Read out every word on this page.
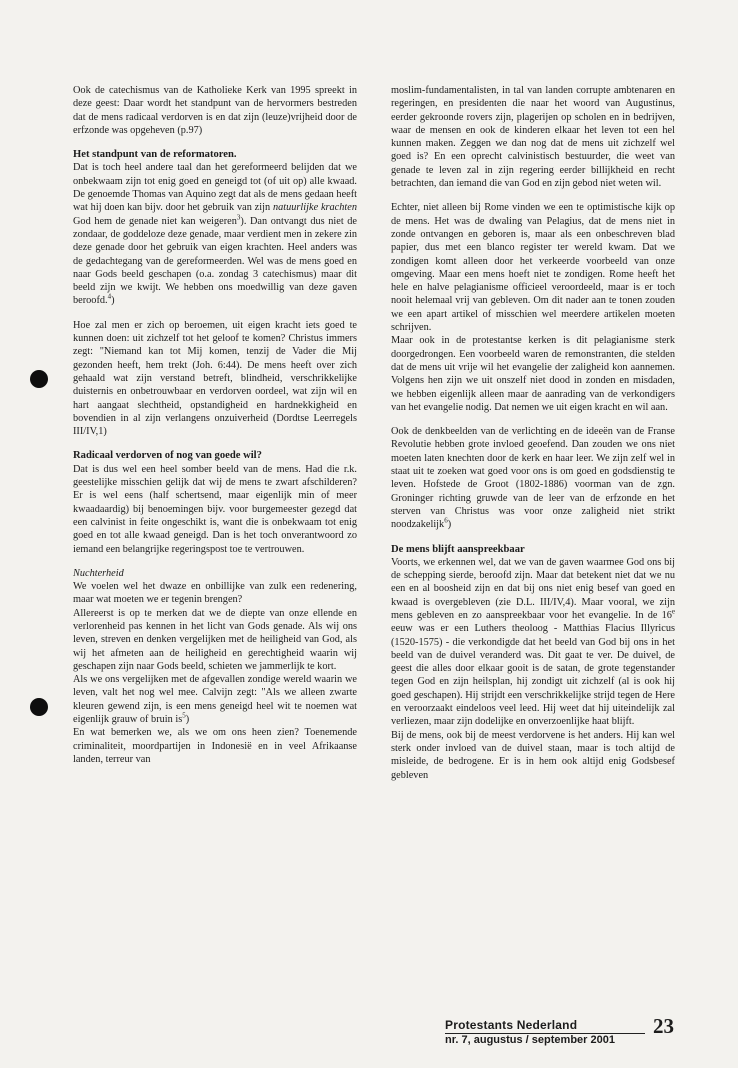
Ook de catechismus van de Katholieke Kerk van 1995 spreekt in deze geest: Daar wordt het standpunt van de hervormers bestreden dat de mens radicaal verdorven is en dat zijn (leuze)vrijheid door de erfzonde was opgeheven (p.97)

Het standpunt van de reformatoren.

Dat is toch heel andere taal dan het gereformeerd belijden dat we onbekwaam zijn tot enig goed en geneigd tot (of uit op) alle kwaad. De genoemde Thomas van Aquino zegt dat als de mens gedaan heeft wat hij doen kan bijv. door het gebruik van zijn natuurlijke krachten God hem de genade niet kan weigeren$^3$). Dan ontvangt dus niet de zondaar, de goddeloze deze genade, maar verdient men in zekere zin deze genade door het gebruik van eigen krachten. Heel anders was de gedachtegang van de gereformeerden. Wel was de mens goed en naar Gods beeld geschapen (o.a. zondag 3 catechismus) maar dit beeld zijn we kwijt. We hebben ons moedwillig van deze gaven beroofd.$^4$)

Hoe zal men er zich op beroemen, uit eigen kracht iets goed te kunnen doen: uit zichzelf tot het geloof te komen? Christus immers zegt: "Niemand kan tot Mij komen, tenzij de Vader die Mij gezonden heeft, hem trekt (Joh. 6:44). De mens heeft over zich gehaald wat zijn verstand betreft, blindheid, verschrikkelijke duisternis en onbetrouwbaar en verdorven oordeel, wat zijn wil en hart aangaat slechtheid, opstandigheid en hardnekkigheid en bovendien in al zijn verlangens onzuiverheid (Dordtse Leerregels III/IV,1)

Radicaal verdorven of nog van goede wil?

Dat is dus wel een heel somber beeld van de mens. Had die r.k. geestelijke misschien gelijk dat wij de mens te zwart afschilderen? Er is wel eens (half schertsend, maar eigenlijk min of meer kwaadaardig) bij benoemingen bijv. voor burgemeester gezegd dat een calvinist in feite ongeschikt is, want die is onbekwaam tot enig goed en tot alle kwaad geneigd. Dan is het toch onverantwoord zo iemand een belangrijke regeringspost toe te vertrouwen.

Nuchterheid

We voelen wel het dwaze en onbillijke van zulk een redenering, maar wat moeten we er tegenin brengen?

Allereerst is op te merken dat we de diepte van onze ellende en verlorenheid pas kennen in het licht van Gods genade. Als wij ons leven, streven en denken vergelijken met de heiligheid van God, als wij het afmeten aan de heiligheid en gerechtigheid waarin wij geschapen zijn naar Gods beeld, schieten we jammerlijk te kort.

Als we ons vergelijken met de afgevallen zondige wereld waarin we leven, valt het nog wel mee. Calvijn zegt: "Als we alleen zwarte kleuren gewend zijn, is een mens geneigd heel wit te noemen wat eigenlijk grauw of bruin $is^5$)

En wat bemerken we, als we om ons heen zien? Toenemende criminaliteit, moordpartijen in Indonesië en in veel Afrikaanse landen, terreur van

moslim-fundamentalisten, in tal van landen corrupte ambtenaren en regeringen, en presidenten die naar het woord van Augustinus, eerder gekroonde rovers zijn, plagerijen op scholen en in bedrijven, waar de mensen en ook de kinderen elkaar het leven tot een hel kunnen maken. Zeggen we dan nog dat de mens uit zichzelf wel goed is? En een oprecht calvinistisch bestuurder, die weet van genade te leven zal in zijn regering eerder billijkheid en recht betrachten, dan iemand die van God en zijn gebod niet weten wil.

Echter, niet alleen bij Rome vinden we een te optimistische kijk op de mens. Het was de dwaling van Pelagius, dat de mens niet in zonde ontvangen en geboren is, maar als een onbeschreven blad papier, dus met een blanco register ter wereld kwam. Dat we zondigen komt alleen door het verkeerde voorbeeld van onze omgeving. Maar een mens hoeft niet te zondigen. Rome heeft het hele en halve pelagianisme officieel veroordeeld, maar is er toch nooit helemaal vrij van gebleven. Om dit nader aan te tonen zouden we een apart artikel of misschien wel meerdere artikelen moeten schrijven.

Maar ook in de protestantse kerken is dit pelagianisme sterk doorgedrongen. Een voorbeeld waren de remonstranten, die stelden dat de mens uit vrije wil het evangelie der zaligheid kon aannemen. Volgens hen zijn we uit onszelf niet dood in zonden en misdaden, we hebben eigenlijk alleen maar de aanrading van de verkondigers van het evangelie nodig. Dat nemen we uit eigen kracht en wil aan.

Ook de denkbeelden van de verlichting en de ideeën van de Franse Revolutie hebben grote invloed geoefend. Dan zouden we ons niet moeten laten knechten door de kerk en haar leer. We zijn zelf wel in staat uit te zoeken wat goed voor ons is om goed en godsdienstig te leven. Hofstede de Groot (1802-1886) voorman van de zgn. Groninger richting gruwde van de leer van de erfzonde en het sterven van Christus was voor onze zaligheid niet strikt noodzakelijk$^6$)

De mens blijft aanspreekbaar

Voorts, we erkennen wel, dat we van de gaven waarmee God ons bij de schepping sierde, beroofd zijn. Maar dat betekent niet dat we nu een en al boosheid zijn en dat bij ons niet enig besef van goed en kwaad is overgebleven (zie D.L. III/IV,4). Maar vooral, we zijn mens gebleven en zo aanspreekbaar voor het evangelie. In de 16e eeuw was er een Luthers theoloog - Matthias Flacius Illyricus (1520-1575) - die verkondigde dat het beeld van God bij ons in het beeld van de duivel veranderd was. Dit gaat te ver. De duivel, de geest die alles door elkaar gooit is de satan, de grote tegenstander tegen God en zijn heilsplan, hij zondigt uit zichzelf (al is ook hij goed geschapen). Hij strijdt een verschrikkelijke strijd tegen de Here en veroorzaakt eindeloos veel leed. Hij weet dat hij uiteindelijk zal verliezen, maar zijn dodelijke en onverzoenlijke haat blijft.

Bij de mens, ook bij de meest verdorvene is het anders. Hij kan wel sterk onder invloed van de duivel staan, maar is toch altijd de misleide, de bedrogene. Er is in hem ook altijd enig Godsbesef gebleven

Protestants Nederland
nr. 7, augustus / september 2001
23
